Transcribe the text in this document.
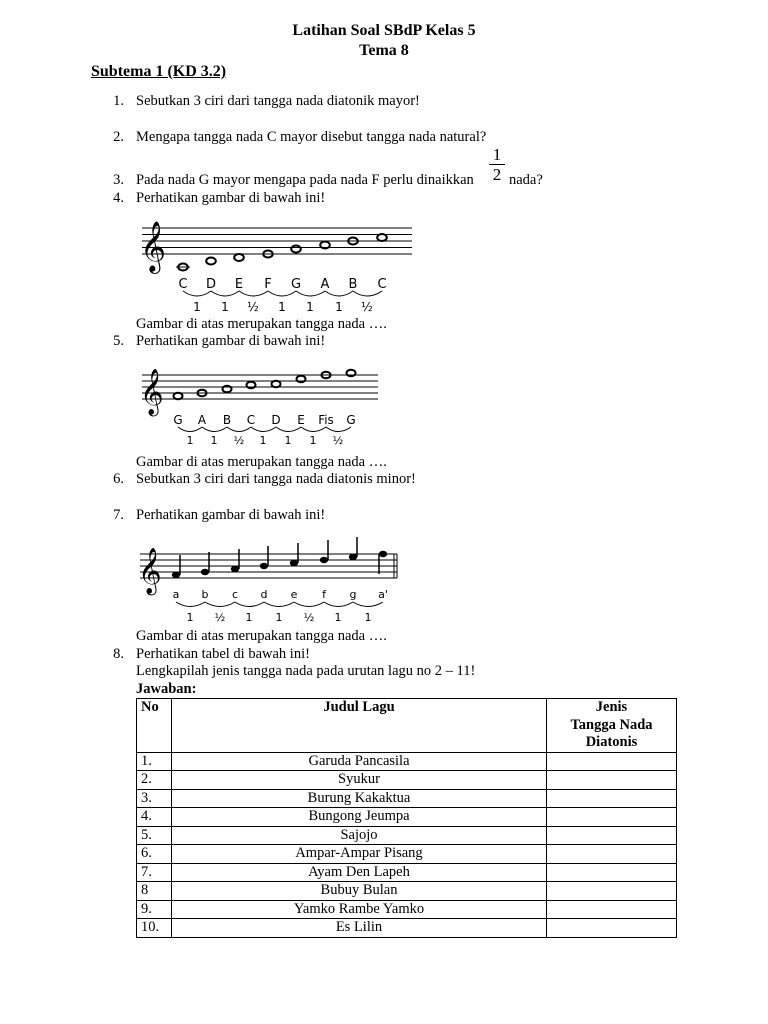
Latihan Soal SBdP Kelas 5
Tema 8
Subtema 1 (KD 3.2)
1. Sebutkan 3 ciri dari tangga nada diatonik mayor!
2. Mengapa tangga nada C mayor disebut tangga nada natural?
3. Pada nada G mayor mengapa pada nada F perlu dinaikkan
1
2 nada?
4. Perhatikan gambar di bawah ini!
𝄞
C D E F G A B C
1 1 ½ 1 1 1 ½
Gambar di atas merupakan tangga nada ….
5. Perhatikan gambar di bawah ini!
𝄞
G A B C D E Fis G
1 1 ½ 1 1 1 ½
Gambar di atas merupakan tangga nada ….
6. Sebutkan 3 ciri dari tangga nada diatonis minor!
7. Perhatikan gambar di bawah ini!
𝄞
a b c d e f g a'
1 ½ 1 1 ½ 1 1
Gambar di atas merupakan tangga nada ….
8. Perhatikan tabel di bawah ini!
Lengkapilah jenis tangga nada pada urutan lagu no 2 – 11!
Jawaban:
No	Judul Lagu	Jenis
Tangga Nada
Diatonis

1.	Garuda Pancasila	
2.	Syukur	
3.	Burung Kakaktua	
4.	Bungong Jeumpa	
5.	Sajojo	
6.	Ampar-Ampar Pisang	
7.	Ayam Den Lapeh	
8	Bubuy Bulan	
9.	Yamko Rambe Yamko	
10.	Es Lilin	
